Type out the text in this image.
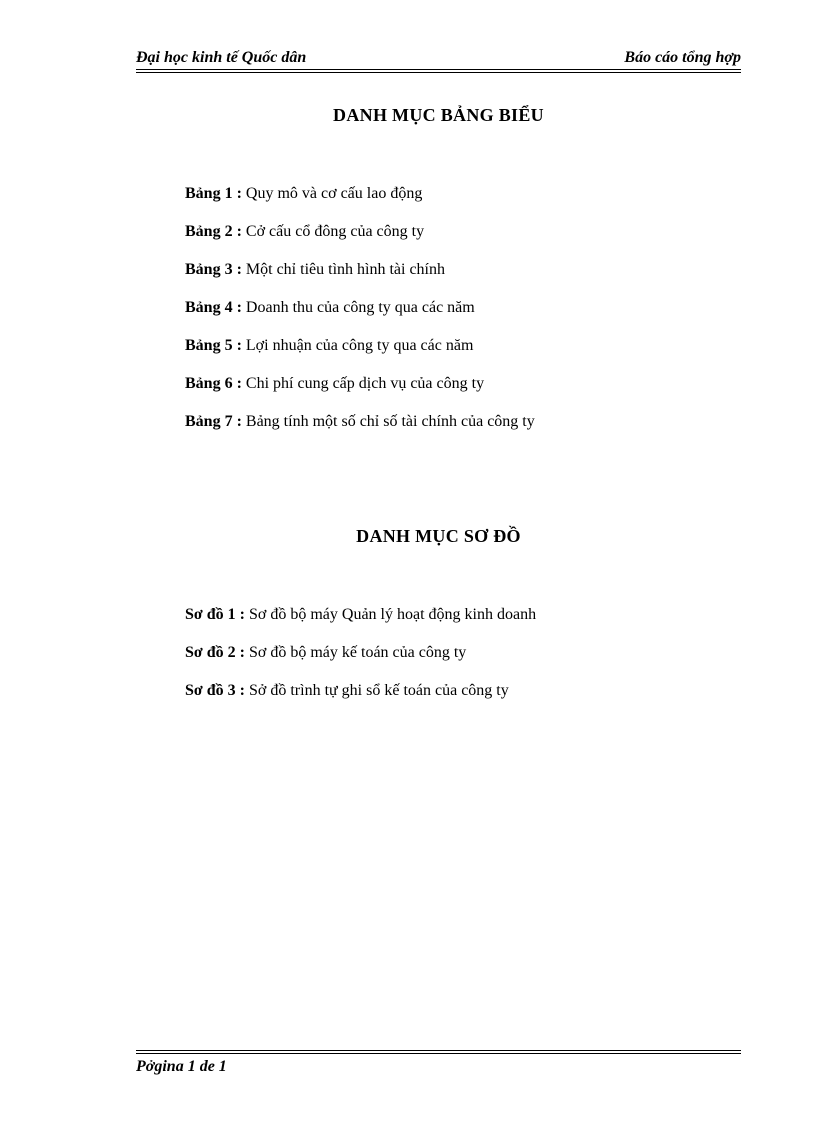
Đại học kinh tế Quốc dân	Báo cáo tổng hợp
DANH MỤC BẢNG BIỂU
Bảng 1 : Quy mô và cơ cấu lao động
Bảng 2 : Cở cấu cổ đông của công ty
Bảng 3 : Một chỉ tiêu tình hình tài chính
Bảng 4 : Doanh thu của công ty qua các năm
Bảng 5 : Lợi nhuận của công ty qua các năm
Bảng 6 : Chi phí cung cấp dịch vụ của công ty
Bảng 7 : Bảng tính một số chỉ số tài chính của công ty
DANH MỤC SƠ ĐỒ
Sơ đồ 1 : Sơ đồ bộ máy Quản lý hoạt động kinh doanh
Sơ đồ 2 : Sơ đồ bộ máy kế toán của công ty
Sơ đồ 3 : Sở đồ trình tự ghi sổ kế toán của công ty
Pởgina 1 de 1
